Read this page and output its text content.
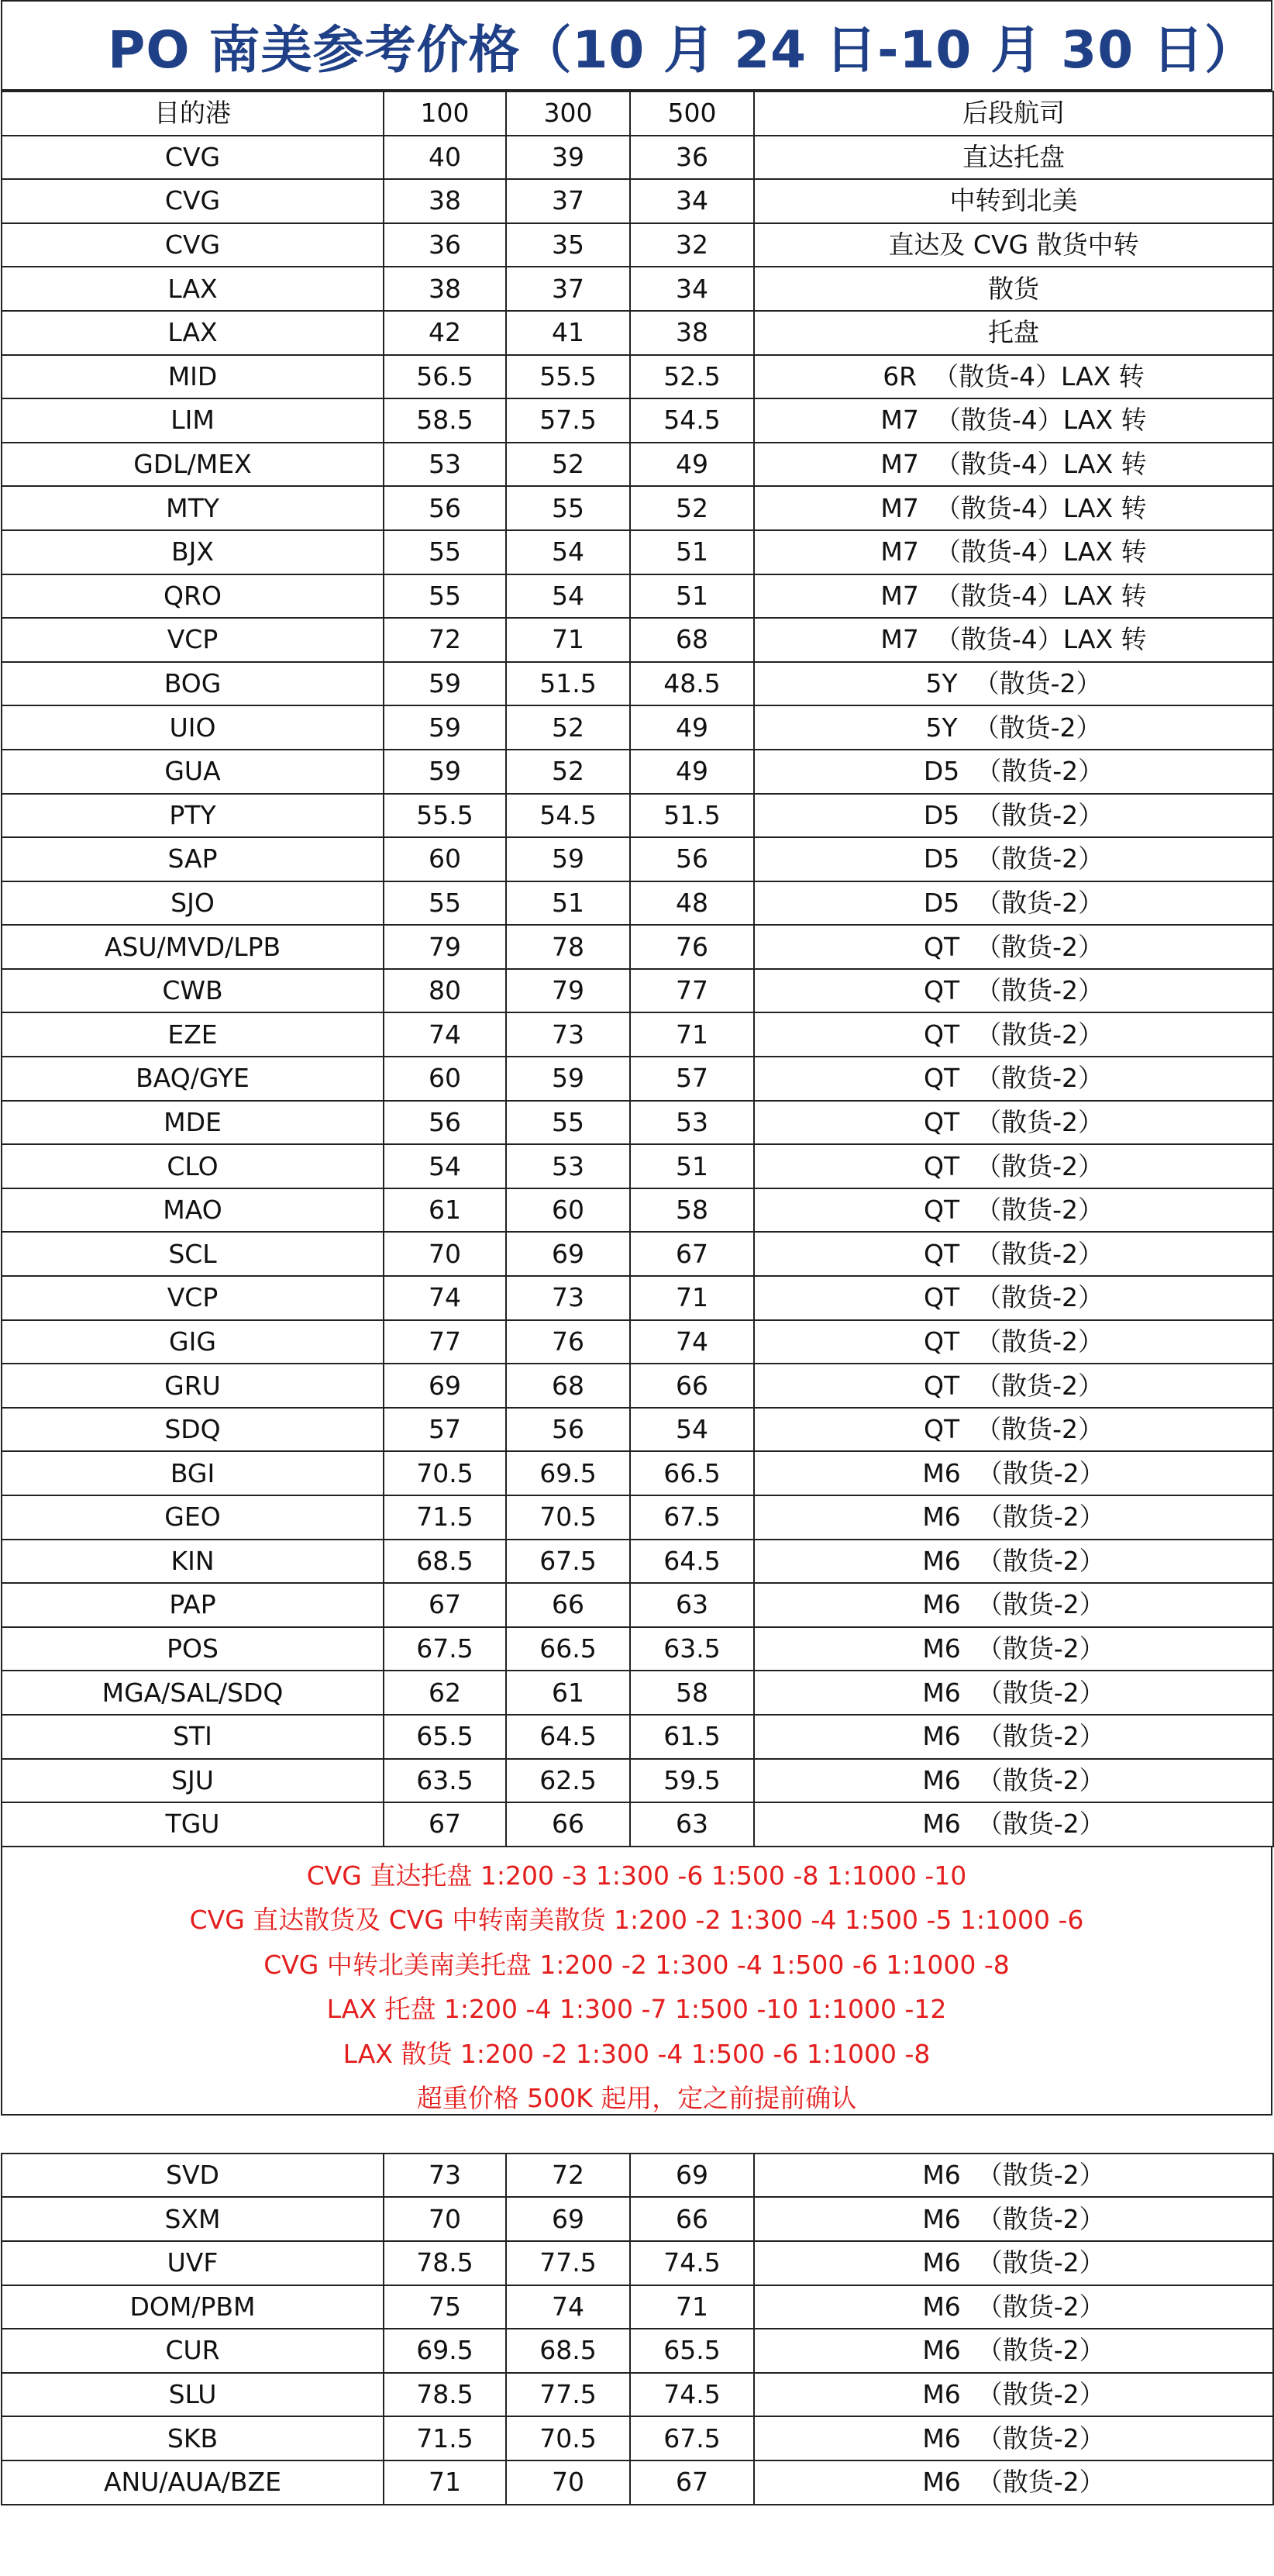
PO 南美参考价格（10 月 24 日-10 月 30 日）
目的港	100	300	500	后段航司
CVG	40	39	36	直达托盘
CVG	38	37	34	中转到北美
CVG	36	35	32	直达及 CVG 散货中转
LAX	38	37	34	散货
LAX	42	41	38	托盘
MID	56.5	55.5	52.5	6R  （散货-4）LAX 转
LIM	58.5	57.5	54.5	M7  （散货-4）LAX 转
GDL/MEX	53	52	49	M7  （散货-4）LAX 转
MTY	56	55	52	M7  （散货-4）LAX 转
BJX	55	54	51	M7  （散货-4）LAX 转
QRO	55	54	51	M7  （散货-4）LAX 转
VCP	72	71	68	M7  （散货-4）LAX 转
BOG	59	51.5	48.5	5Y  （散货-2）
UIO	59	52	49	5Y  （散货-2）
GUA	59	52	49	D5  （散货-2）
PTY	55.5	54.5	51.5	D5  （散货-2）
SAP	60	59	56	D5  （散货-2）
SJO	55	51	48	D5  （散货-2）
ASU/MVD/LPB	79	78	76	QT  （散货-2）
CWB	80	79	77	QT  （散货-2）
EZE	74	73	71	QT  （散货-2）
BAQ/GYE	60	59	57	QT  （散货-2）
MDE	56	55	53	QT  （散货-2）
CLO	54	53	51	QT  （散货-2）
MAO	61	60	58	QT  （散货-2）
SCL	70	69	67	QT  （散货-2）
VCP	74	73	71	QT  （散货-2）
GIG	77	76	74	QT  （散货-2）
GRU	69	68	66	QT  （散货-2）
SDQ	57	56	54	QT  （散货-2）
BGI	70.5	69.5	66.5	M6  （散货-2）
GEO	71.5	70.5	67.5	M6  （散货-2）
KIN	68.5	67.5	64.5	M6  （散货-2）
PAP	67	66	63	M6  （散货-2）
POS	67.5	66.5	63.5	M6  （散货-2）
MGA/SAL/SDQ	62	61	58	M6  （散货-2）
STI	65.5	64.5	61.5	M6  （散货-2）
SJU	63.5	62.5	59.5	M6  （散货-2）
TGU	67	66	63	M6  （散货-2）
CVG 直达托盘 1:200 -3 1:300 -6 1:500 -8 1:1000 -10
CVG 直达散货及 CVG 中转南美散货 1:200 -2 1:300 -4 1:500 -5 1:1000 -6
CVG 中转北美南美托盘 1:200 -2 1:300 -4 1:500 -6 1:1000 -8
LAX 托盘 1:200 -4 1:300 -7 1:500 -10 1:1000 -12
LAX 散货 1:200 -2 1:300 -4 1:500 -6 1:1000 -8
超重价格 500K 起用，定之前提前确认
SVD	73	72	69	M6  （散货-2）
SXM	70	69	66	M6  （散货-2）
UVF	78.5	77.5	74.5	M6  （散货-2）
DOM/PBM	75	74	71	M6  （散货-2）
CUR	69.5	68.5	65.5	M6  （散货-2）
SLU	78.5	77.5	74.5	M6  （散货-2）
SKB	71.5	70.5	67.5	M6  （散货-2）
ANU/AUA/BZE	71	70	67	M6  （散货-2）
